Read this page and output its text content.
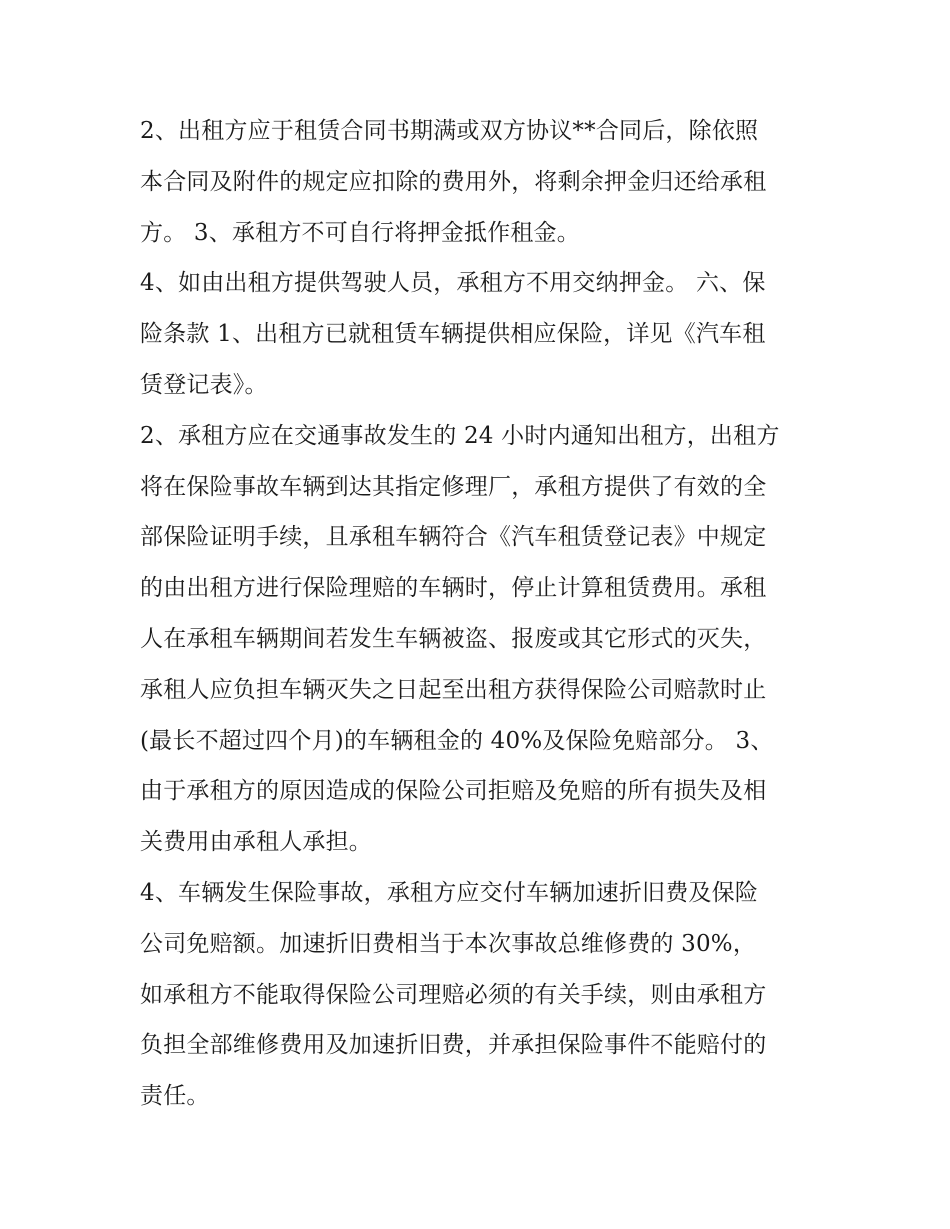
2、出租方应于租赁合同书期满或双方协议**合同后，除依照
本合同及附件的规定应扣除的费用外，将剩余押金归还给承租
方。 3、承租方不可自行将押金抵作租金。

4、如由出租方提供驾驶人员，承租方不用交纳押金。 六、保
险条款 1、出租方已就租赁车辆提供相应保险，详见《汽车租
赁登记表》。

2、承租方应在交通事故发生的 24 小时内通知出租方，出租方
将在保险事故车辆到达其指定修理厂，承租方提供了有效的全
部保险证明手续，且承租车辆符合《汽车租赁登记表》中规定
的由出租方进行保险理赔的车辆时，停止计算租赁费用。承租
人在承租车辆期间若发生车辆被盗、报废或其它形式的灭失，
承租人应负担车辆灭失之日起至出租方获得保险公司赔款时止
(最长不超过四个月)的车辆租金的 40%及保险免赔部分。 3、
由于承租方的原因造成的保险公司拒赔及免赔的所有损失及相
关费用由承租人承担。

4、车辆发生保险事故，承租方应交付车辆加速折旧费及保险
公司免赔额。加速折旧费相当于本次事故总维修费的 30%，
如承租方不能取得保险公司理赔必须的有关手续，则由承租方
负担全部维修费用及加速折旧费，并承担保险事件不能赔付的
责任。
